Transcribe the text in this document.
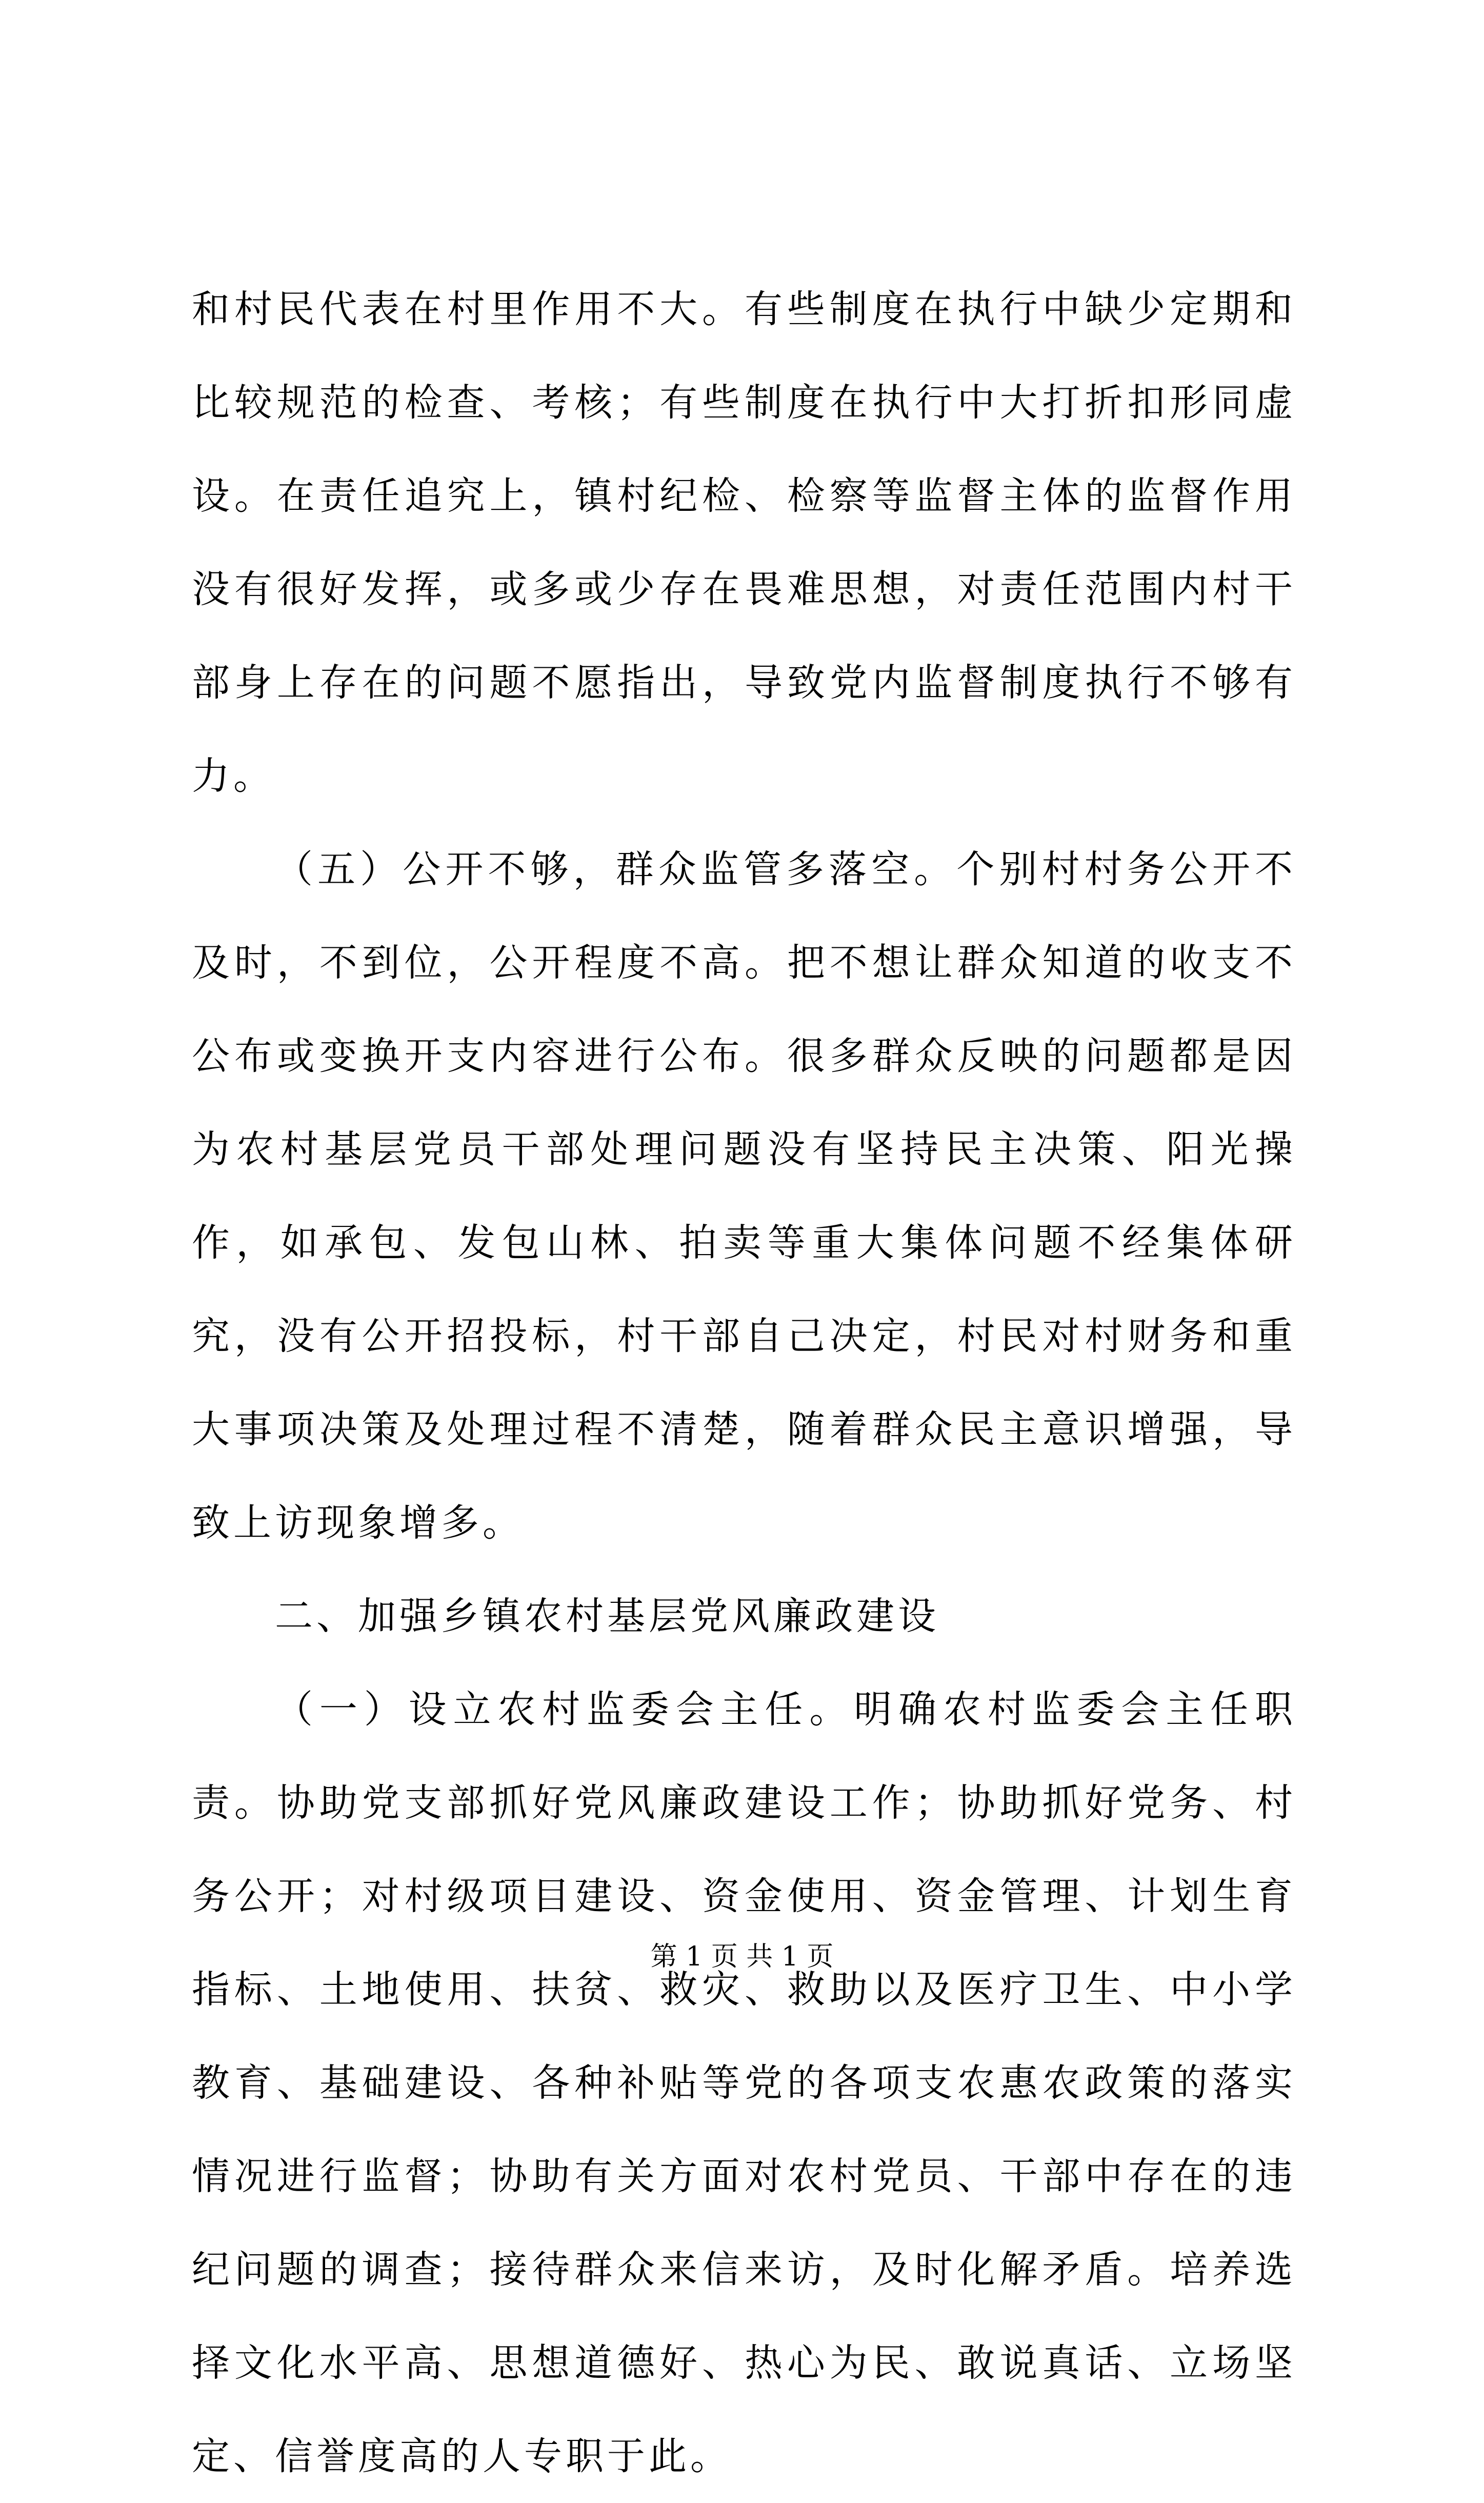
和村民代表在村里作用不大。有些制度在执行中缺少定期和比较规范的检查、考核；有些制度在执行中大打折扣形同虚设。在责任追究上，镇村纪检、检察等监督主体的监督作用没有很好发挥，或多或少存在畏难思想，对责任范围内村干部身上存在的问题不愿指出，导致党内监督制度执行不够有力。

（五）公开不够，群众监管多落空。个别村村务公开不及时，不到位，公开程度不高。把不想让群众知道的收支不公布或变换开支内容进行公布。很多群众反映的问题都是因为农村基层党员干部处理问题没有坚持民主决策、阳光操作，如承包、发包山林、拍卖等重大集体问题不经集体研究，没有公开招投标，村干部自己决定，村民对村财务和重大事项决策及处理过程不清楚，随着群众民主意识增强，导致上访现象增多。

二、加强乡镇农村基层党风廉政建设

（一）设立农村监委会主任。明确农村监委会主任职责。协助党支部抓好党风廉政建设工作；协助抓好党务、村务公开；对村级项目建设、资金使用、资金管理、计划生育指标、土地使用、扶贫、救灾、救助以及医疗卫生、中小学教育、基础建设、各种补贴等党的各项支农惠农政策的落实情况进行监督；协助有关方面对农村党员、干部中存在的违纪问题的调查；接待群众来信来访，及时化解矛盾。培养选择文化水平高、思想道德好、热心为民、敢说真话、立场坚定、信誉度高的人专职于此。

第 1 页 共 1 页
